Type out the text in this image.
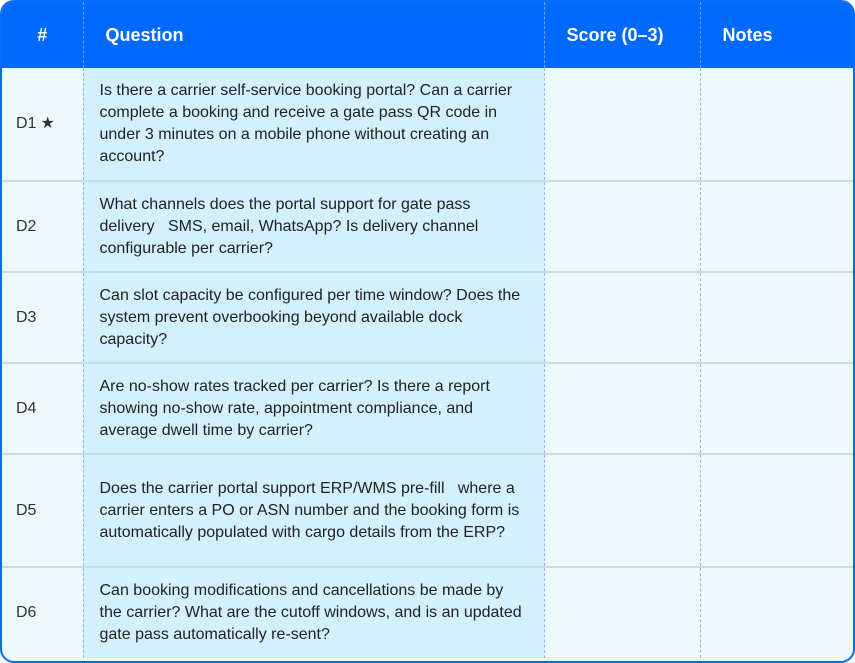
#	Question	Score (0–3)	Notes

D1 ★	Is there a carrier self-service booking portal? Can a carrier complete a booking and receive a gate pass QR code in under 3 minutes on a mobile phone without creating an account?		
D2	What channels does the portal support for gate pass delivery   SMS, email, WhatsApp? Is delivery channel configurable per carrier?		
D3	Can slot capacity be configured per time window? Does the system prevent overbooking beyond available dock capacity?		
D4	Are no-show rates tracked per carrier? Is there a report showing no-show rate, appointment compliance, and average dwell time by carrier?		
D5	Does the carrier portal support ERP/WMS pre-fill   where a carrier enters a PO or ASN number and the booking form is automatically populated with cargo details from the ERP?		
D6	Can booking modifications and cancellations be made by the carrier? What are the cutoff windows, and is an updated gate pass automatically re-sent?		
